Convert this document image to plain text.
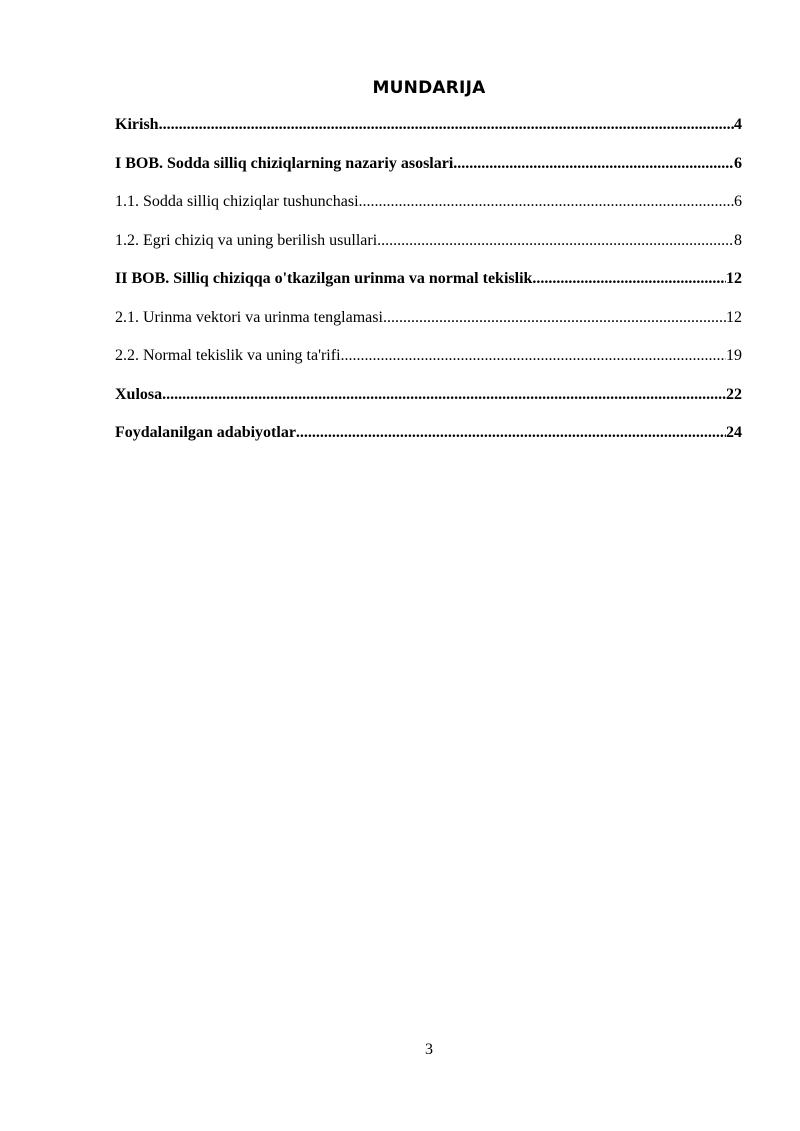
MUNDARIJA
Kirish .....	4
I BOB. Sodda silliq chiziqlarning nazariy asoslari .....	6
1.1. Sodda silliq chiziqlar tushunchasi .....	6
1.2. Egri chiziq va uning berilish usullari .....	8
II BOB. Silliq chiziqqa o'tkazilgan urinma va normal tekislik .....	12
2.1. Urinma vektori va urinma tenglamasi .....	12
2.2. Normal tekislik va uning ta'rifi .....	19
Xulosa .....	22
Foydalanilgan adabiyotlar .....	24
3
